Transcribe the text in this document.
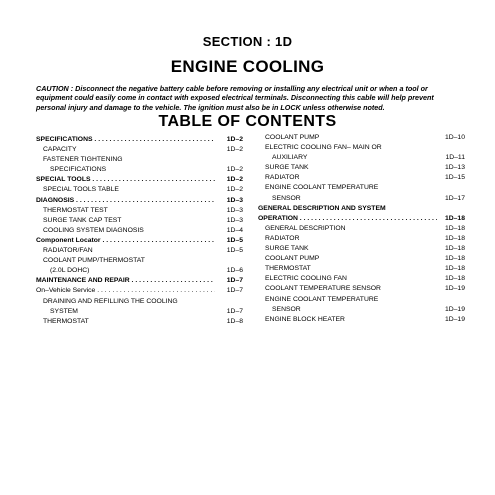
SECTION : 1D
ENGINE COOLING
CAUTION : Disconnect the negative battery cable before removing or installing any electrical unit or when a tool or equipment could easily come in contact with exposed electrical terminals. Disconnecting this cable will help prevent personal injury and damage to the vehicle. The ignition must also be in LOCK unless otherwise noted.
TABLE OF CONTENTS
SPECIFICATIONS . . .	1D–2
CAPACITY	1D–2
FASTENER TIGHTENING
SPECIFICATIONS	1D–2
SPECIAL TOOLS . . .	1D–2
SPECIAL TOOLS TABLE	1D–2
DIAGNOSIS . . .	1D–3
THERMOSTAT TEST	1D–3
SURGE TANK CAP TEST	1D–3
COOLING SYSTEM DIAGNOSIS	1D–4
Component Locator . . .	1D–5
RADIATOR/FAN	1D–5
COOLANT PUMP/THERMOSTAT
(2.0L DOHC)	1D–6
MAINTENANCE AND REPAIR . . .	1D–7
On–Vehicle Service . . .	1D–7
DRAINING AND REFILLING THE COOLING
SYSTEM	1D–7
THERMOSTAT	1D–8
COOLANT PUMP	1D–10
ELECTRIC COOLING FAN– MAIN OR
AUXILIARY	1D–11
SURGE TANK	1D–13
RADIATOR	1D–15
ENGINE COOLANT TEMPERATURE
SENSOR	1D–17
GENERAL DESCRIPTION AND SYSTEM
OPERATION . . .	1D–18
GENERAL DESCRIPTION	1D–18
RADIATOR	1D–18
SURGE TANK	1D–18
COOLANT PUMP	1D–18
THERMOSTAT	1D–18
ELECTRIC COOLING FAN	1D–18
COOLANT TEMPERATURE SENSOR	1D–19
ENGINE COOLANT TEMPERATURE
SENSOR	1D–19
ENGINE BLOCK HEATER	1D–19
